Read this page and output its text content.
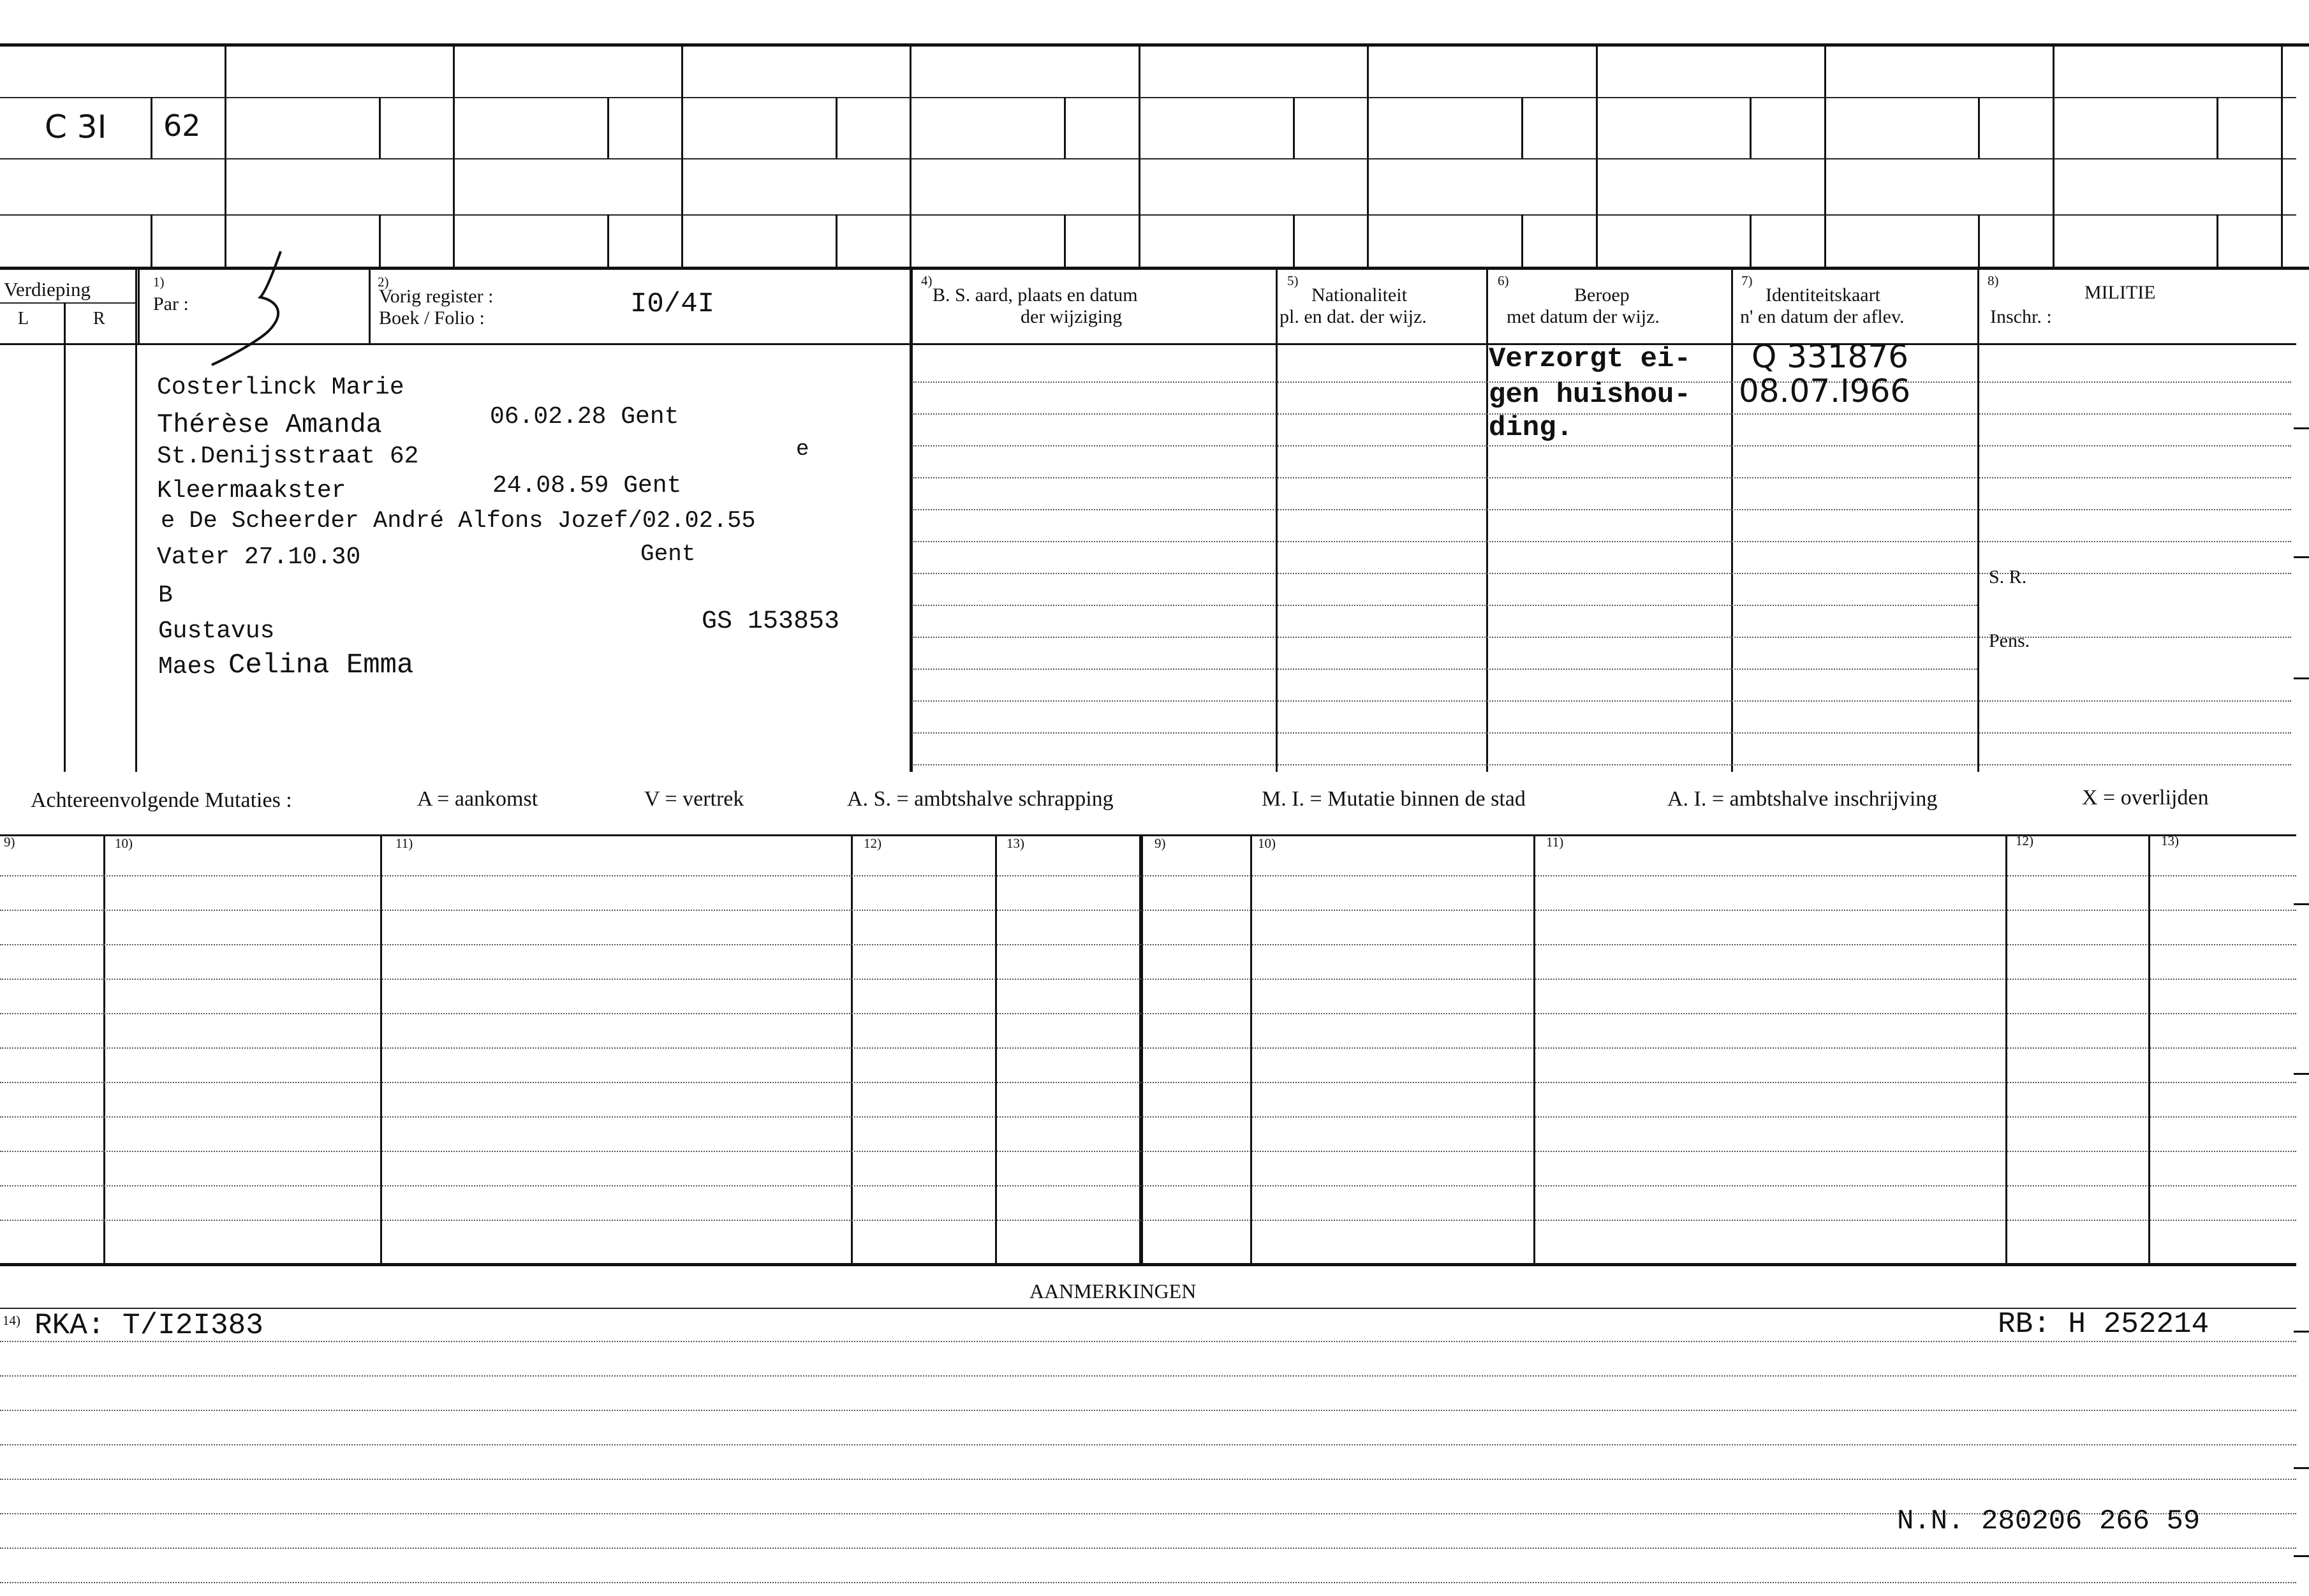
C 3I 62
Verdieping
L	R
1)
Par :
2)
Vorig register :
Boek / Folio :	I0/4I
4)
B. S. aard, plaats en datum
der wijziging
5)
Nationaliteit
pl. en dat. der wijz.
6)
Beroep
met datum der wijz.
7)
Identiteitskaart
n' en datum der aflev.
8)
MILITIE
Inschr. :
S. R.
Pens.
Costerlinck Marie
Thérèse Amanda	06.02.28 Gent
St.Denijsstraat 62	e
Kleermaakster	24.08.59 Gent
e De Scheerder André Alfons Jozef/02.02.55
Vater 27.10.30	Gent
B
Gustavus	GS 153853
Maes Celina Emma
Verzorgt ei-
gen huishou-
ding.
Q 331876
08.07.I966
Achtereenvolgende Mutaties :	A = aankomst	V = vertrek	A. S. = ambtshalve schrapping	M. I. = Mutatie binnen de stad	A. I. = ambtshalve inschrijving	X = overlijden
9)	10)	11)	12)	13)	9)	10)	11)	12)	13)
AANMERKINGEN
14) RKA: T/I2I383	RB: H 252214
N.N. 280206 266 59
